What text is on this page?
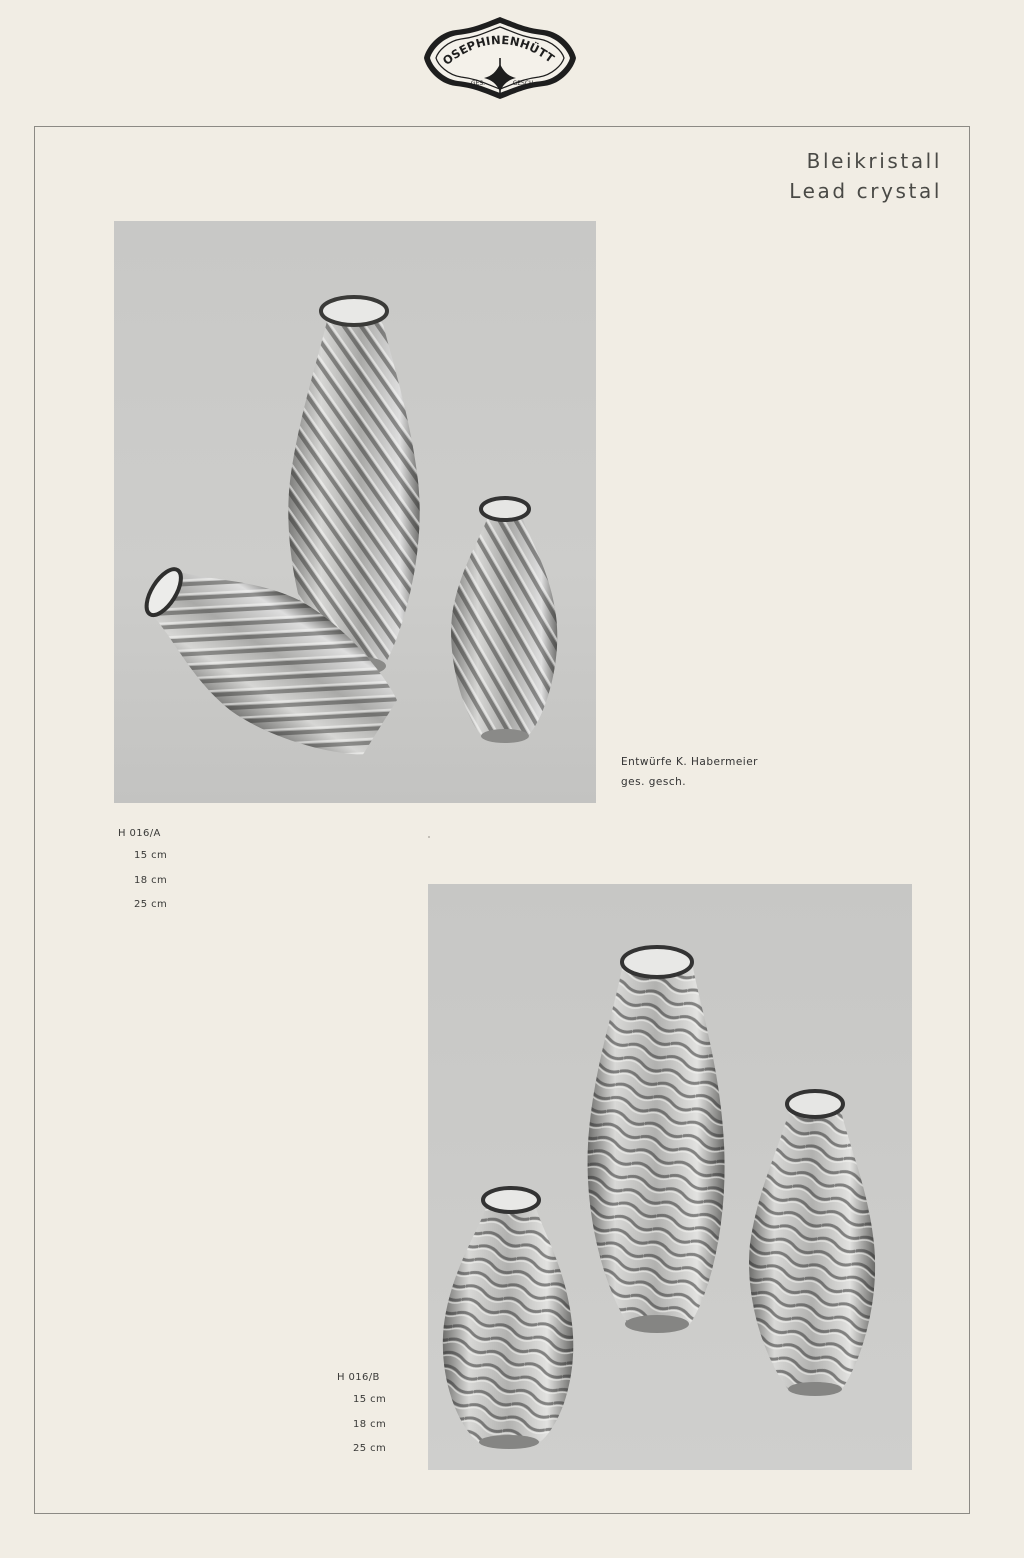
OSEPHINENHÜTT
GES.	GESCH.
Bleikristall
Lead crystal
Entwürfe K. Habermeier
ges. gesch.
H 016/A
15 cm
18 cm
25 cm
H 016/B
15 cm
18 cm
25 cm
